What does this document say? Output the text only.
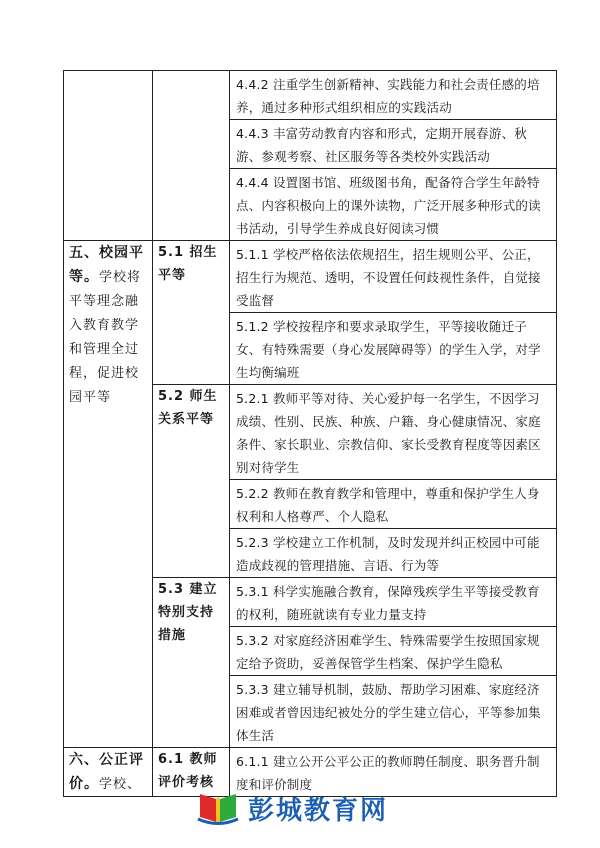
		4.4.2 注重学生创新精神、实践能力和社会责任感的培养，通过多种形式组织相应的实践活动

		4.4.3 丰富劳动教育内容和形式，定期开展春游、秋游、参观考察、社区服务等各类校外实践活动

		4.4.4 设置图书馆、班级图书角，配备符合学生年龄特点、内容积极向上的课外读物，广泛开展多种形式的读书活动，引导学生养成良好阅读习惯

五、校园平等。学校将平等理念融入教育教学和管理全过程，促进校园平等	5.1 招生平等	5.1.1 学校严格依法依规招生，招生规则公平、公正，招生行为规范、透明，不设置任何歧视性条件，自觉接受监督

		5.1.2 学校按程序和要求录取学生，平等接收随迁子女、有特殊需要（身心发展障碍等）的学生入学，对学生均衡编班

	5.2 师生关系平等	5.2.1 教师平等对待、关心爱护每一名学生，不因学习成绩、性别、民族、种族、户籍、身心健康情况、家庭条件、家长职业、宗教信仰、家长受教育程度等因素区别对待学生

		5.2.2 教师在教育教学和管理中，尊重和保护学生人身权利和人格尊严、个人隐私

		5.2.3 学校建立工作机制，及时发现并纠正校园中可能造成歧视的管理措施、言语、行为等

	5.3 建立特别支持措施	5.3.1 科学实施融合教育，保障残疾学生平等接受教育的权利，随班就读有专业力量支持

		5.3.2 对家庭经济困难学生、特殊需要学生按照国家规定给予资助，妥善保管学生档案、保护学生隐私

		5.3.3 建立辅导机制，鼓励、帮助学习困难、家庭经济困难或者曾因违纪被处分的学生建立信心，平等参加集体生活

六、公正评价。学校、	6.1 教师评价考核	6.1.1 建立公开公平公正的教师聘任制度、职务晋升制度和评价制度
彭城教育网
